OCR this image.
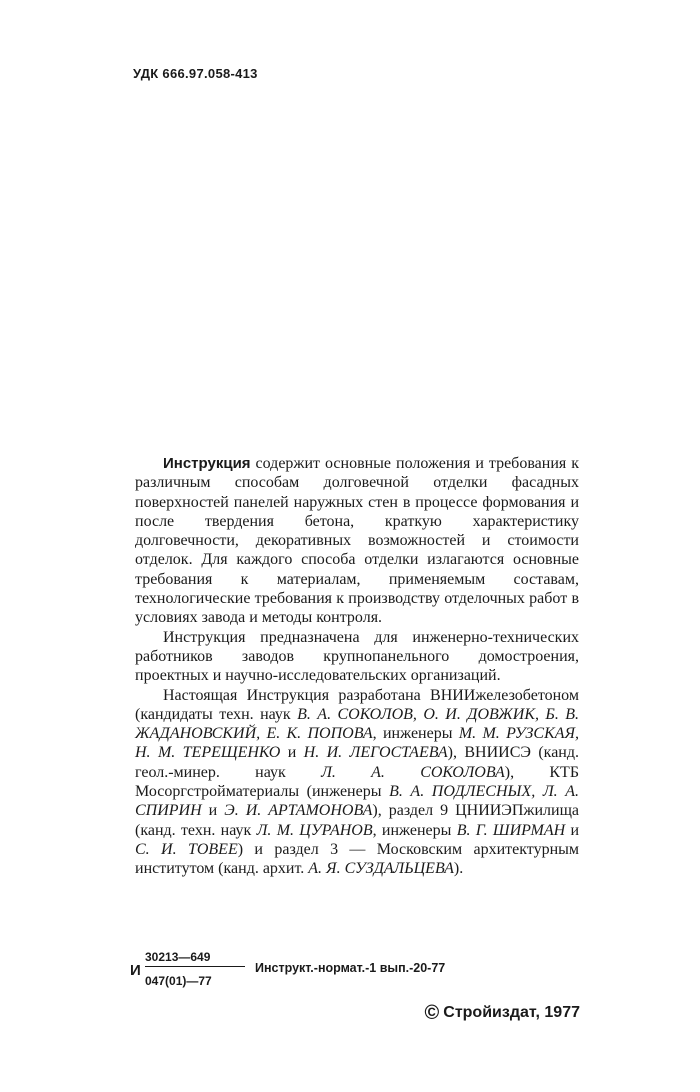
УДК 666.97.058-413

Инструкция содержит основные положения и требования к различным способам долговечной отделки фасадных поверхностей панелей наружных стен в процессе формования и после твердения бетона, краткую характеристику долговечности, декоративных возможностей и стоимости отделок. Для каждого способа отделки излагаются основные требования к материалам, применяемым составам, технологические требования к производству отделочных работ в условиях завода и методы контроля.

Инструкция предназначена для инженерно-технических работников заводов крупнопанельного домостроения, проектных и научно-исследовательских организаций.

Настоящая Инструкция разработана ВНИИжелезобетоном (кандидаты техн. наук В. А. СОКОЛОВ, О. И. ДОВЖИК, Б. В. ЖАДАНОВСКИЙ, Е. К. ПОПОВА, инженеры М. М. РУЗСКАЯ, Н. М. ТЕРЕЩЕНКО и Н. И. ЛЕГОСТАЕВА), ВНИИСЭ (канд. геол.-минер. наук Л. А. СОКОЛОВА), КТБ Мосоргстройматериалы (инженеры В. А. ПОДЛЕСНЫХ, Л. А. СПИРИН и Э. И. АРТАМОНОВА), раздел 9 ЦНИИЭПжилища (канд. техн. наук Л. М. ЦУРАНОВ, инженеры В. Г. ШИРМАН и С. И. ТОВЕЕ) и раздел 3 — Московским архитектурным институтом (канд. архит. А. Я. СУЗДАЛЬЦЕВА).

И
30213—649
047(01)—77
Инструкт.-нормат.-1 вып.-20-77
© Стройиздат, 1977
